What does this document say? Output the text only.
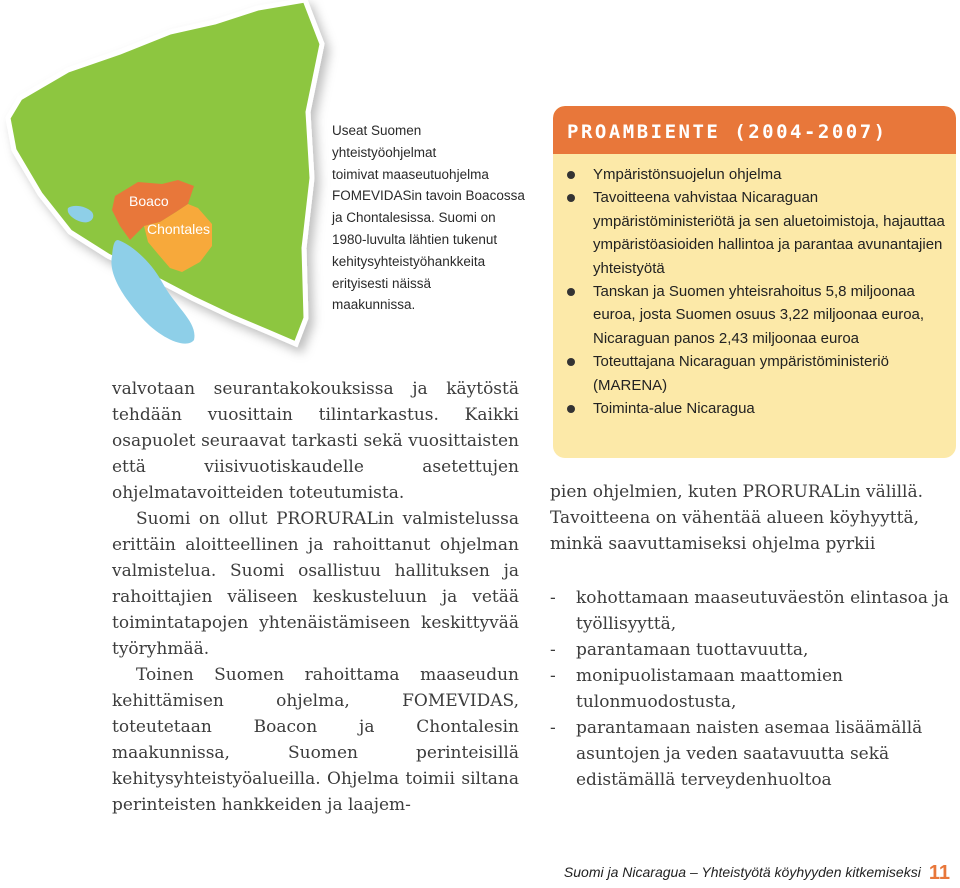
Boaco
Chontales

Useat Suomen

yhteistyöohjelmat

toimivat maaseutuohjelma

FOMEVIDASin tavoin Boacossa

ja Chontalesissa. Suomi on

1980-luvulta lähtien tukenut

kehitysyhteistyöhankkeita

erityisesti näissä

maakunnissa.

valvotaan seurantakokouksissa ja käytöstä tehdään vuosittain tilintarkastus. Kaikki osapuolet seuraavat tarkasti sekä vuosittaisten että viisivuotiskaudelle asetettujen ohjelmatavoitteiden toteutumista.

Suomi on ollut PRORURALin valmistelussa erittäin aloitteellinen ja rahoittanut ohjelman valmistelua. Suomi osallistuu hallituksen ja rahoittajien väliseen keskusteluun ja vetää toimintatapojen yhtenäistämiseen keskittyvää työryhmää.

Toinen Suomen rahoittama maaseudun kehittämisen ohjelma, FOMEVIDAS, toteutetaan Boacon ja Chontalesin maakunnissa, Suomen perinteisillä kehitysyhteistyöalueilla. Ohjelma toimii siltana perinteisten hankkeiden ja laajem-

PROAMBIENTE (2004-2007)
Ympäristönsuojelun ohjelma
Tavoitteena vahvistaa Nicaraguan ympäristöministeriötä ja sen aluetoimistoja, hajauttaa ympäristöasioiden hallintoa ja parantaa avunantajien yhteistyötä
Tanskan ja Suomen yhteisrahoitus 5,8 miljoonaa euroa, josta Suomen osuus 3,22 miljoonaa euroa, Nicaraguan panos 2,43 miljoonaa euroa
Toteuttajana Nicaraguan ympäristöministeriö (MARENA)
Toiminta-alue Nicaragua

pien ohjelmien, kuten PRORURALin välillä. Tavoitteena on vähentää alueen köyhyyttä, minkä saavuttamiseksi ohjelma pyrkii

- kohottamaan maaseutuväestön elintasoa ja työllisyyttä,
- parantamaan tuottavuutta,
- monipuolistamaan maattomien tulonmuodostusta,
- parantamaan naisten asemaa lisäämällä asuntojen ja veden saatavuutta sekä edistämällä terveydenhuoltoa
Suomi ja Nicaragua – Yhteistyötä köyhyyden kitkemiseksi 11
